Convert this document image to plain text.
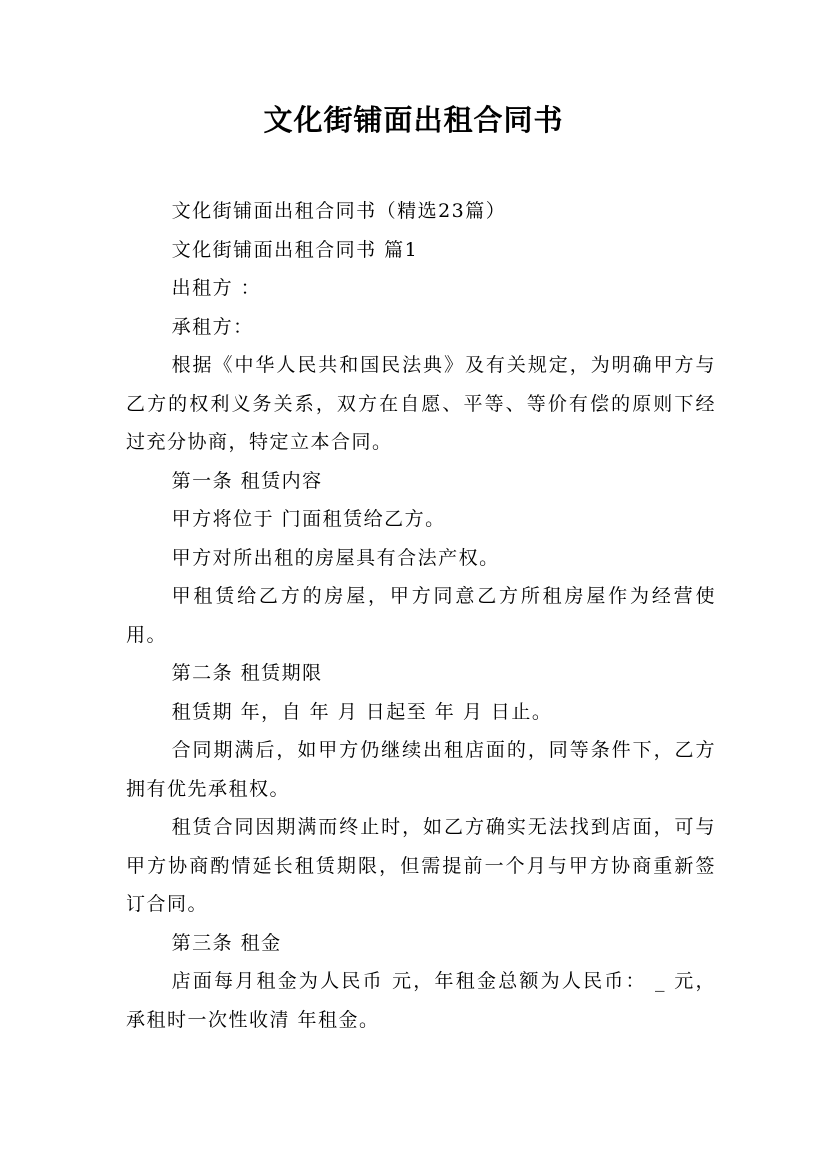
文化街铺面出租合同书

文化街铺面出租合同书（精选23篇）

文化街铺面出租合同书 篇1

出租方 ：

承租方：

根据《中华人民共和国民法典》及有关规定，为明确甲方与乙方的权利义务关系，双方在自愿、平等、等价有偿的原则下经过充分协商，特定立本合同。

第一条 租赁内容

甲方将位于 门面租赁给乙方。

甲方对所出租的房屋具有合法产权。

甲租赁给乙方的房屋，甲方同意乙方所租房屋作为经营使用。

第二条 租赁期限

租赁期 年，自 年 月 日起至 年 月 日止。

合同期满后，如甲方仍继续出租店面的，同等条件下，乙方拥有优先承租权。

租赁合同因期满而终止时，如乙方确实无法找到店面，可与甲方协商酌情延长租赁期限，但需提前一个月与甲方协商重新签订合同。

第三条 租金

店面每月租金为人民币 元，年租金总额为人民币： _ 元，承租时一次性收清 年租金。
